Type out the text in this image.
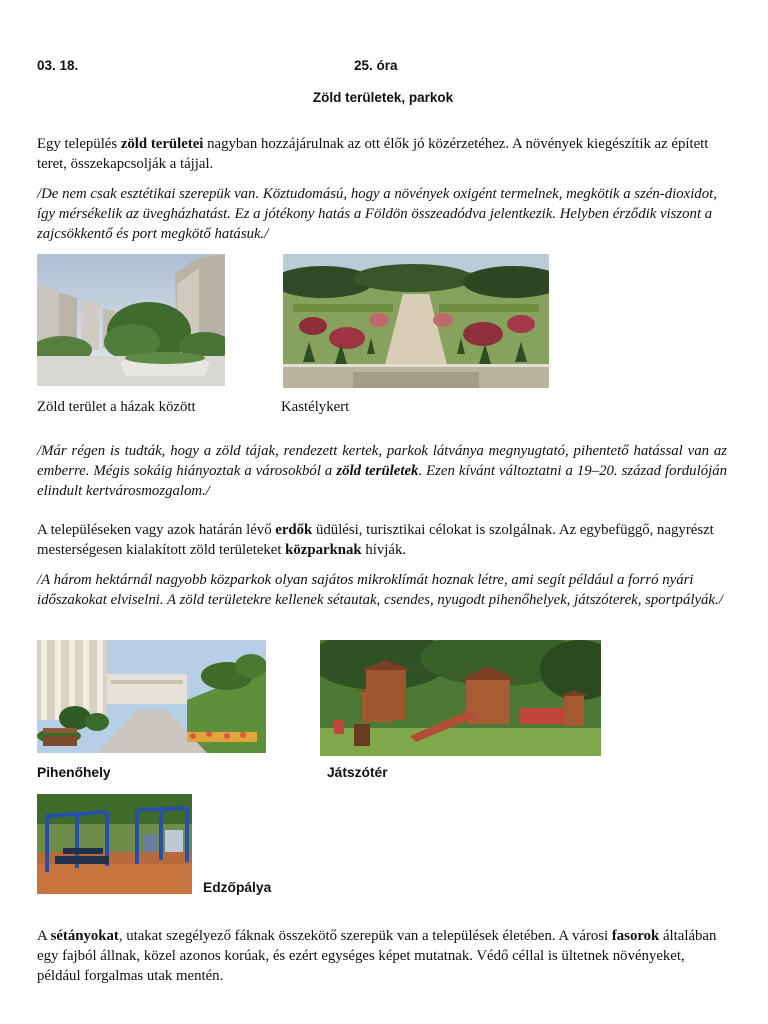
03. 18.	25. óra
Zöld területek, parkok

Egy település zöld területei nagyban hozzájárulnak az ott élők jó közérzetéhez. A növények kiegészítik az épített teret, összekapcsolják a tájjal.

/De nem csak esztétikai szerepük van. Köztudomású, hogy a növények oxigént termelnek, megkötik a szén-dioxidot, így mérsékelik az üvegházhatást. Ez a jótékony hatás a Földön összeadódva jelentkezik. Helyben érződik viszont a zajcsökkentő és port megkötő hatásuk./

Zöld terület a házak között	Kastélykert

/Már régen is tudták, hogy a zöld tájak, rendezett kertek, parkok látványa megnyugtató, pihentető hatással van az emberre. Mégis sokáig hiányoztak a városokból a zöld területek. Ezen kívánt változtatni a 19–20. század fordulóján elindult kertvárosmozgalom./

A településeken vagy azok határán lévő erdők üdülési, turisztikai célokat is szolgálnak. Az egybefüggő, nagyrészt mesterségesen kialakított zöld területeket közparknak hívják.

/A három hektárnál nagyobb közparkok olyan sajátos mikroklímát hoznak létre, ami segít például a forró nyári időszakokat elviselni. A zöld területekre kellenek sétautak, csendes, nyugodt pihenőhelyek, játszóterek, sportpályák./

Pihenőhely	Játszótér
Edzőpálya

A sétányokat, utakat szegélyező fáknak összekötő szerepük van a települések életében. A városi fasorok általában egy fajból állnak, közel azonos korúak, és ezért egységes képet mutatnak. Védő céllal is ültetnek növényeket, például forgalmas utak mentén.
